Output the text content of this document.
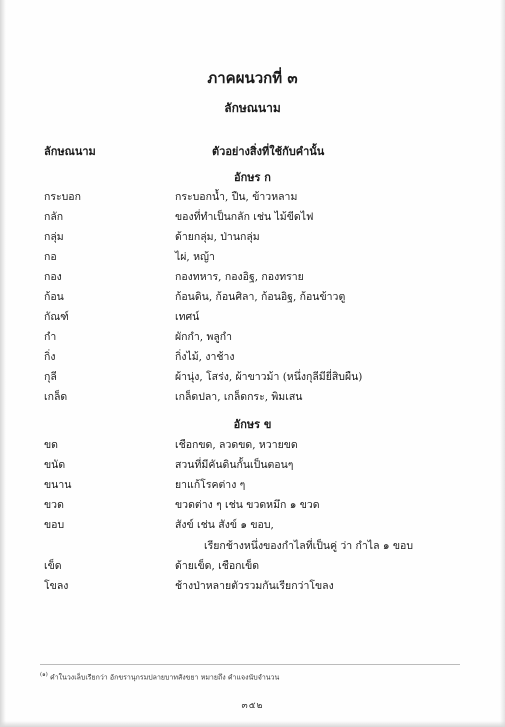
ภาคผนวกที่ ๓
ลักษณนาม
ลักษณนาม	ตัวอย่างสิ่งที่ใช้กับคำนั้น
อักษร ก
กระบอก	กระบอกน้ำ, ปืน, ข้าวหลาม
กลัก	ของที่ทำเป็นกลัก เช่น ไม้ขีดไฟ
กลุ่ม	ด้ายกลุ่ม, ป่านกลุ่ม
กอ	ไผ่, หญ้า
กอง	กองทหาร, กองอิฐ, กองทราย
ก้อน	ก้อนดิน, ก้อนศิลา, ก้อนอิฐ, ก้อนข้าวตู
กัณฑ์	เทศน์
กำ	ผักกำ, พลูกำ
กิ่ง	กิ่งไม้, งาช้าง
กุลี	ผ้านุ่ง, โสร่ง, ผ้าขาวม้า (หนึ่งกุลีมียี่สิบผืน)
เกล็ด	เกล็ดปลา, เกล็ดกระ, พิมเสน
อักษร ข
ขด	เชือกขด, ลวดขด, หวายขด
ขนัด	สวนที่มีคันดินกั้นเป็นตอนๆ
ขนาน	ยาแก้โรคต่าง ๆ
ขวด	ขวดต่าง ๆ เช่น ขวดหมึก ๑ ขวด
ขอบ	สังข์ เช่น สังข์ ๑ ขอบ,
เรียกช้างหนึ่งของกำไลที่เป็นคู่ ว่า กำไล ๑ ขอบ
เข็ด	ด้ายเข็ด, เชือกเข็ด
โขลง	ช้างป่าหลายตัวรวมกันเรียกว่าโขลง
$^{(๑)}$ คำในวงเล็บเรียกว่า อักขรานุกรมปลายบาทสังขยา หมายถึง คำแจงนับจำนวน
๓๕๒
